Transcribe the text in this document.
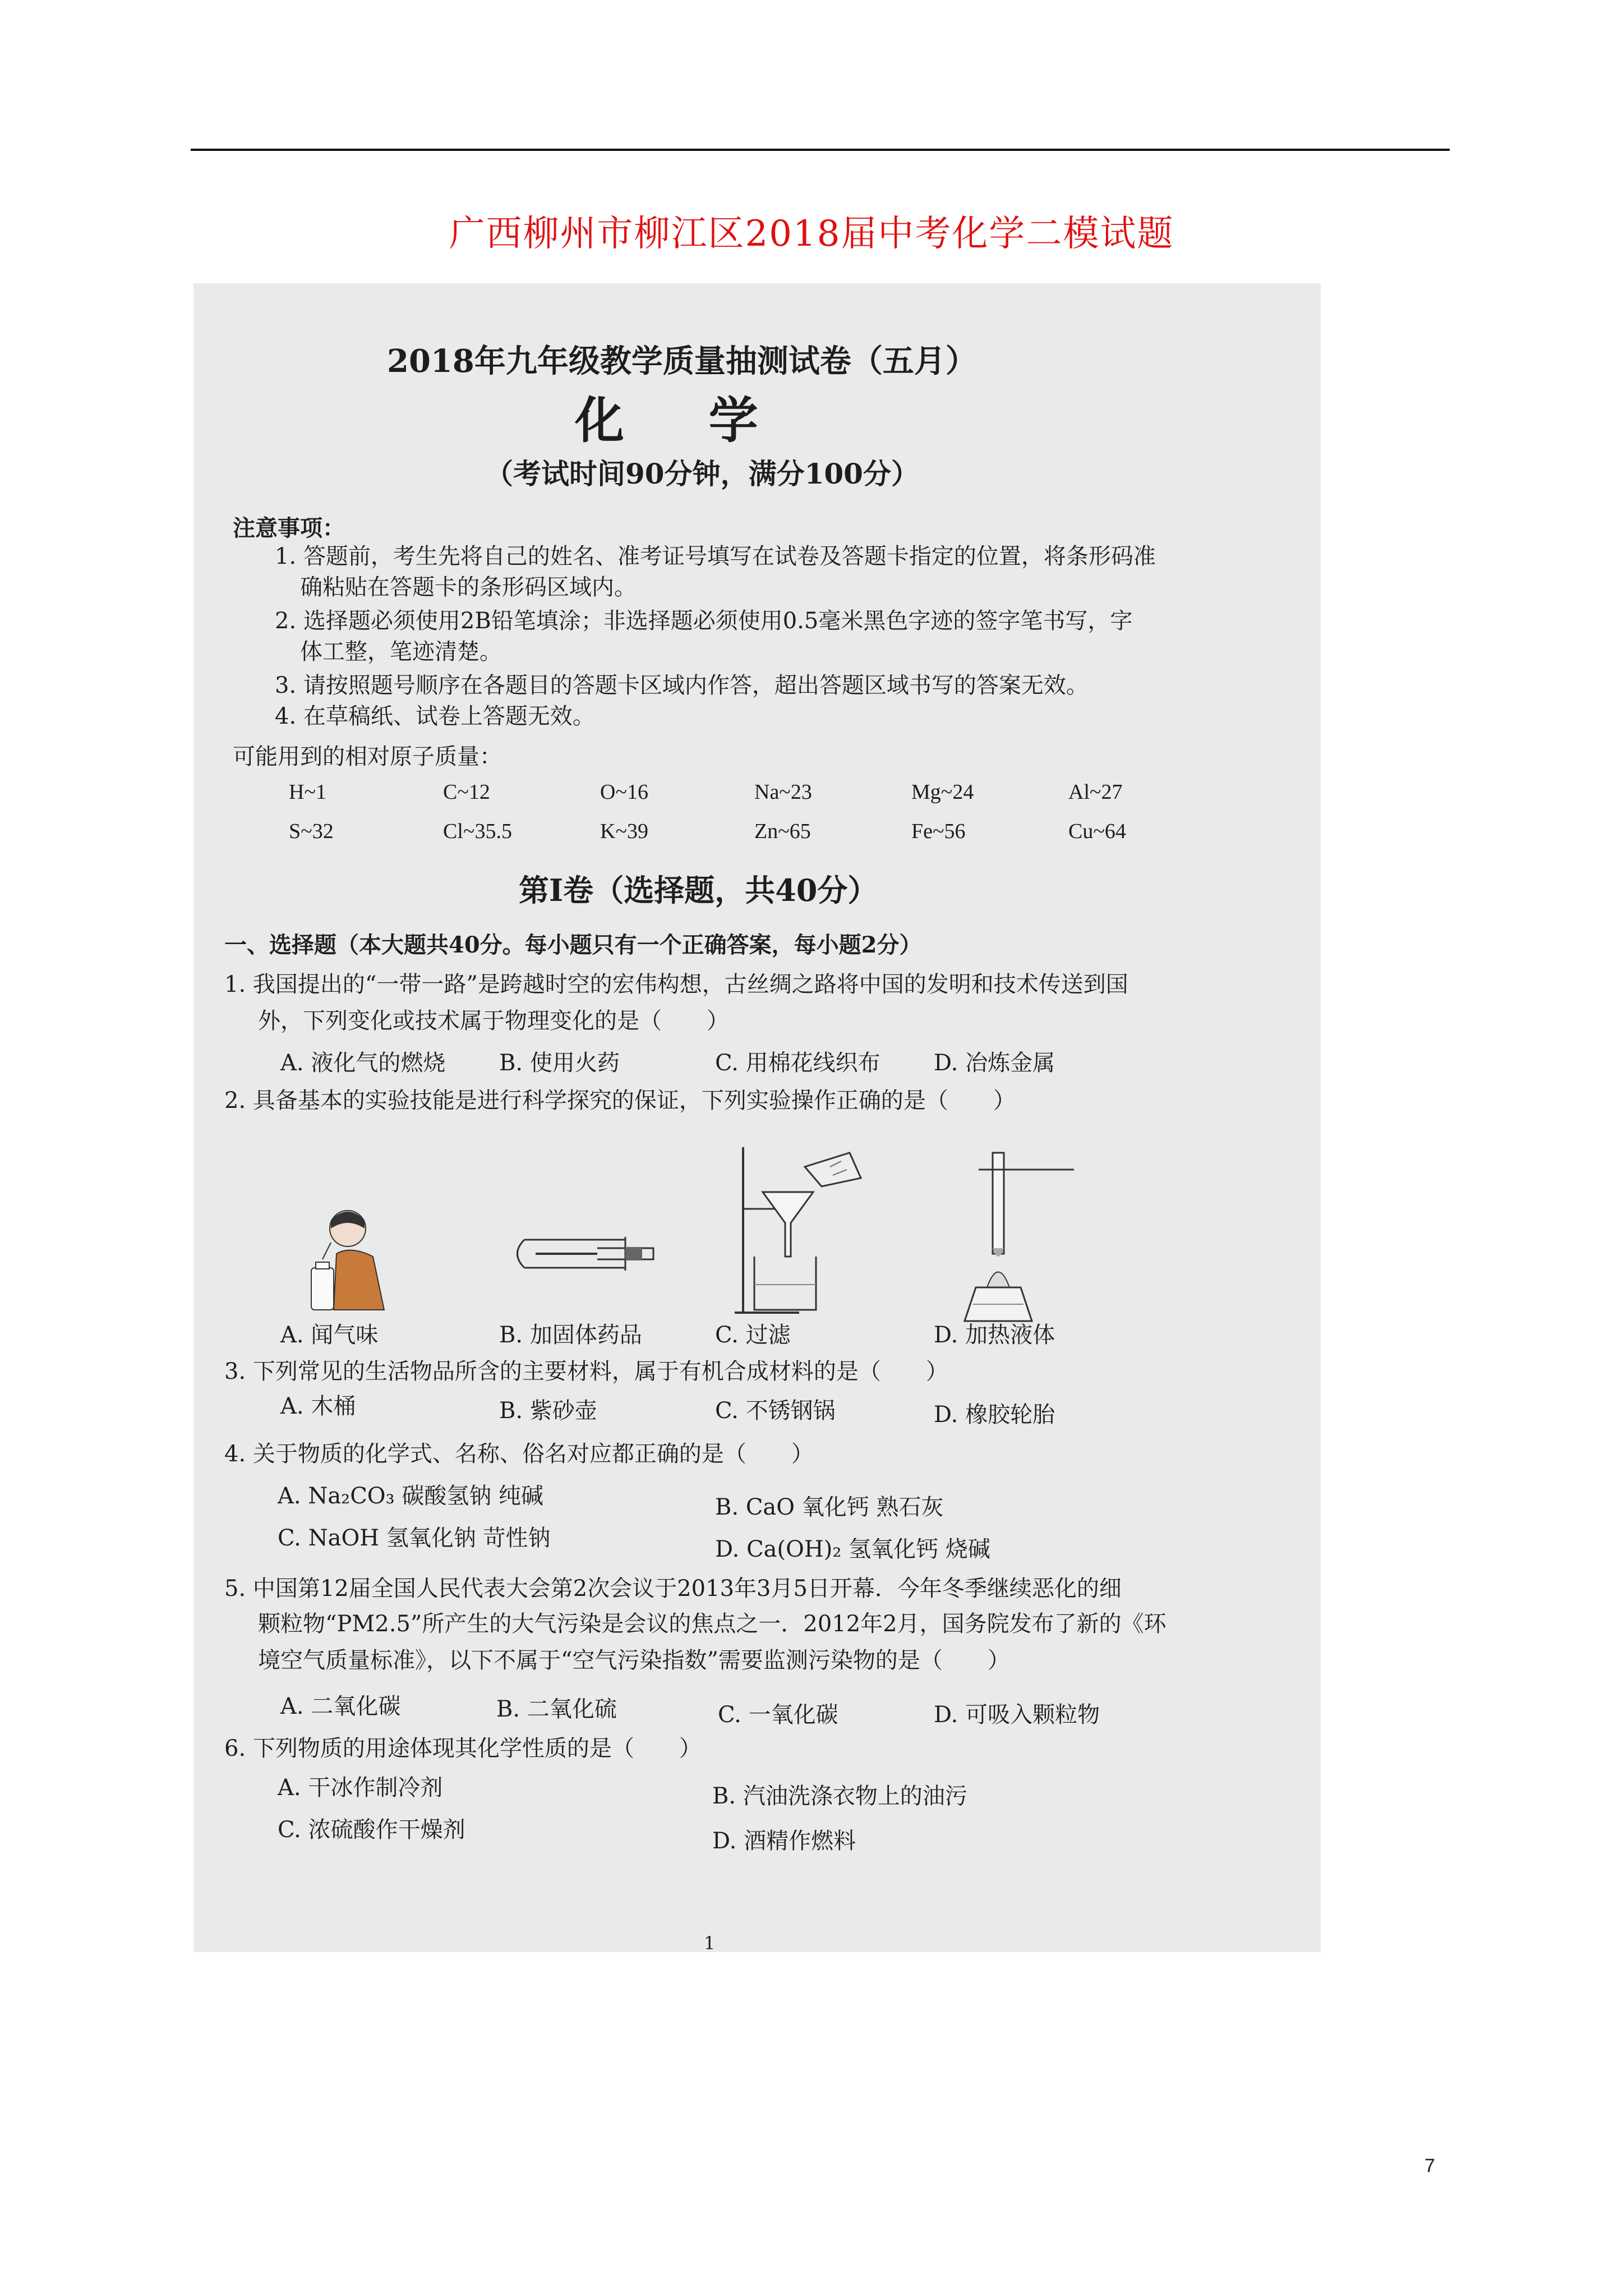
广西柳州市柳江区2018届中考化学二模试题
2018年九年级教学质量抽测试卷（五月）
化 学
（考试时间90分钟，满分100分）
注意事项：
1. 答题前，考生先将自己的姓名、准考证号填写在试卷及答题卡指定的位置，将条形码准
确粘贴在答题卡的条形码区域内。
2. 选择题必须使用2B铅笔填涂；非选择题必须使用0.5毫米黑色字迹的签字笔书写，字
体工整，笔迹清楚。
3. 请按照题号顺序在各题目的答题卡区域内作答，超出答题区域书写的答案无效。
4. 在草稿纸、试卷上答题无效。
可能用到的相对原子质量：
H~1	C~12	O~16	Na~23	Mg~24	Al~27
S~32	Cl~35.5	K~39	Zn~65	Fe~56	Cu~64
第Ⅰ卷（选择题，共40分）
一、选择题（本大题共40分。每小题只有一个正确答案，每小题2分）
1. 我国提出的“一带一路”是跨越时空的宏伟构想，古丝绸之路将中国的发明和技术传送到国
外，下列变化或技术属于物理变化的是（　　）
A. 液化气的燃烧 B. 使用火药	C. 用棉花线织布 D. 冶炼金属
2. 具备基本的实验技能是进行科学探究的保证，下列实验操作正确的是（　　）
A. 闻气味	B. 加固体药品	C. 过滤	D. 加热液体
3. 下列常见的生活物品所含的主要材料，属于有机合成材料的是（　　）
A. 木桶	B. 紫砂壶	C. 不锈钢锅	D. 橡胶轮胎
4. 关于物质的化学式、名称、俗名对应都正确的是（　　）
A. Na₂CO₃ 碳酸氢钠 纯碱	B. CaO 氧化钙 熟石灰
C. NaOH 氢氧化钠 苛性钠	D. Ca(OH)₂ 氢氧化钙 烧碱
5. 中国第12届全国人民代表大会第2次会议于2013年3月5日开幕．今年冬季继续恶化的细
颗粒物“PM2.5”所产生的大气污染是会议的焦点之一．2012年2月，国务院发布了新的《环
境空气质量标准》，以下不属于“空气污染指数”需要监测污染物的是（　　）
A. 二氧化碳	B. 二氧化硫	C. 一氧化碳	D. 可吸入颗粒物
6. 下列物质的用途体现其化学性质的是（　　）
A. 干冰作制冷剂	B. 汽油洗涤衣物上的油污
C. 浓硫酸作干燥剂	D. 酒精作燃料
1
7
